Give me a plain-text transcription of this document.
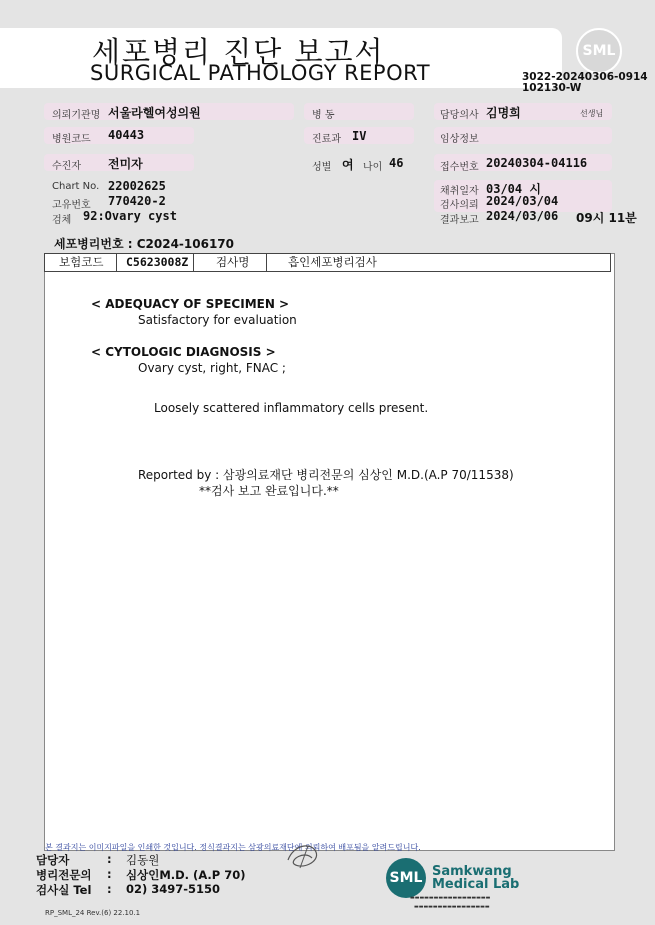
세포병리 진단 보고서
SURGICAL PATHOLOGY REPORT
SML
3022-20240306-0914
102130-W
의뢰기관명 서울라헬여성의원
병원코드 40443
수진자 전미자
Chart No. 22002625
고유번호 770420-2
검체 92:Ovary cyst
병 동
진료과 IV
성별 여 나이 46
담당의사 김명희	선생님
임상정보
접수번호 20240304-04116
채취일자 03/04 시
검사의뢰 2024/03/04
결과보고 2024/03/06 09시 11분
세포병리번호 : C2024-106170
보험코드 C5623008Z 검사명	흡인세포병리검사
< ADEQUACY OF SPECIMEN >
Satisfactory for evaluation
< CYTOLOGIC DIAGNOSIS >
Ovary cyst, right, FNAC ;
Loosely scattered inflammatory cells present.
Reported by : 삼광의료재단 병리전문의 심상인 M.D.(A.P 70/11538)
**검사 보고 완료입니다.**
본 결과지는 이미지파일을 인쇄한 것입니다. 정식결과지는 삼광의료재단에 의뢰하여 배포됨을 알려드립니다.
담당자	: 김동원
병리전문의 : 심상인M.D. (A.P 70)
검사실 Tel : 02) 3497-5150
SML Samkwang
Medical Lab
▬▬▬▬▬▬▬▬▬▬▬▬▬▬▬▬▬
▬▬▬▬▬▬▬▬▬▬▬▬▬▬▬▬
RP_SML_24 Rev.(6) 22.10.1
